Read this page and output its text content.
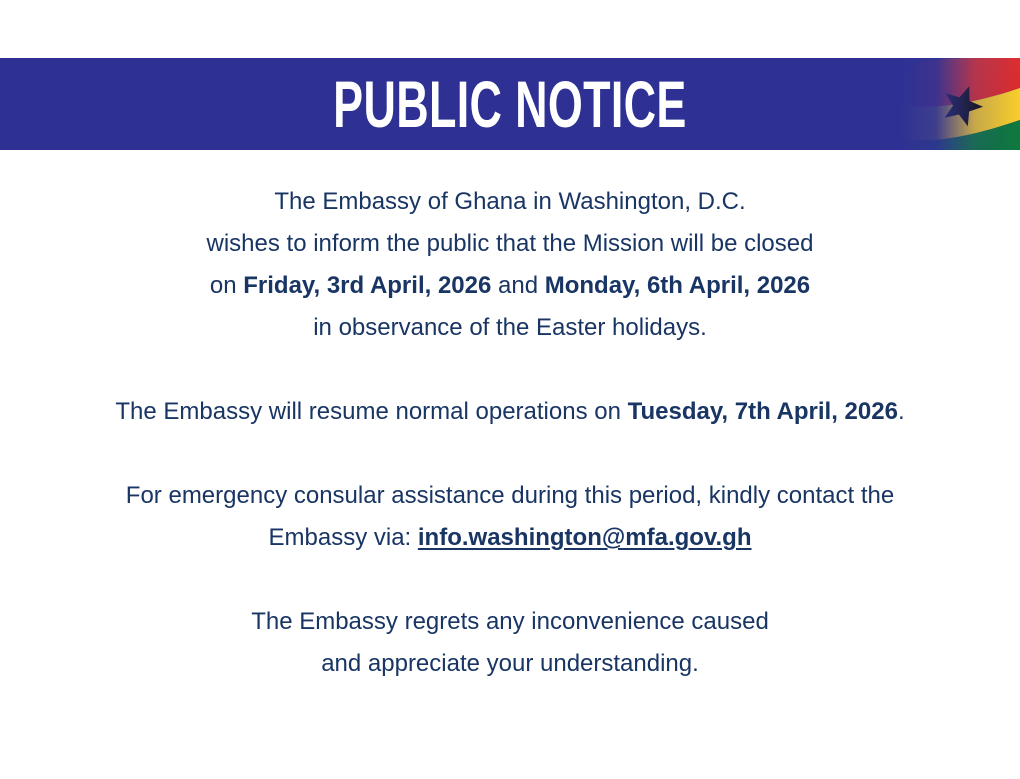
PUBLIC NOTICE
The Embassy of Ghana in Washington, D.C.
wishes to inform the public that the Mission will be closed
on Friday, 3rd April, 2026 and Monday, 6th April, 2026
in observance of the Easter holidays.
The Embassy will resume normal operations on Tuesday, 7th April, 2026.
For emergency consular assistance during this period, kindly contact the
Embassy via: info.washington@mfa.gov.gh
The Embassy regrets any inconvenience caused
and appreciate your understanding.
